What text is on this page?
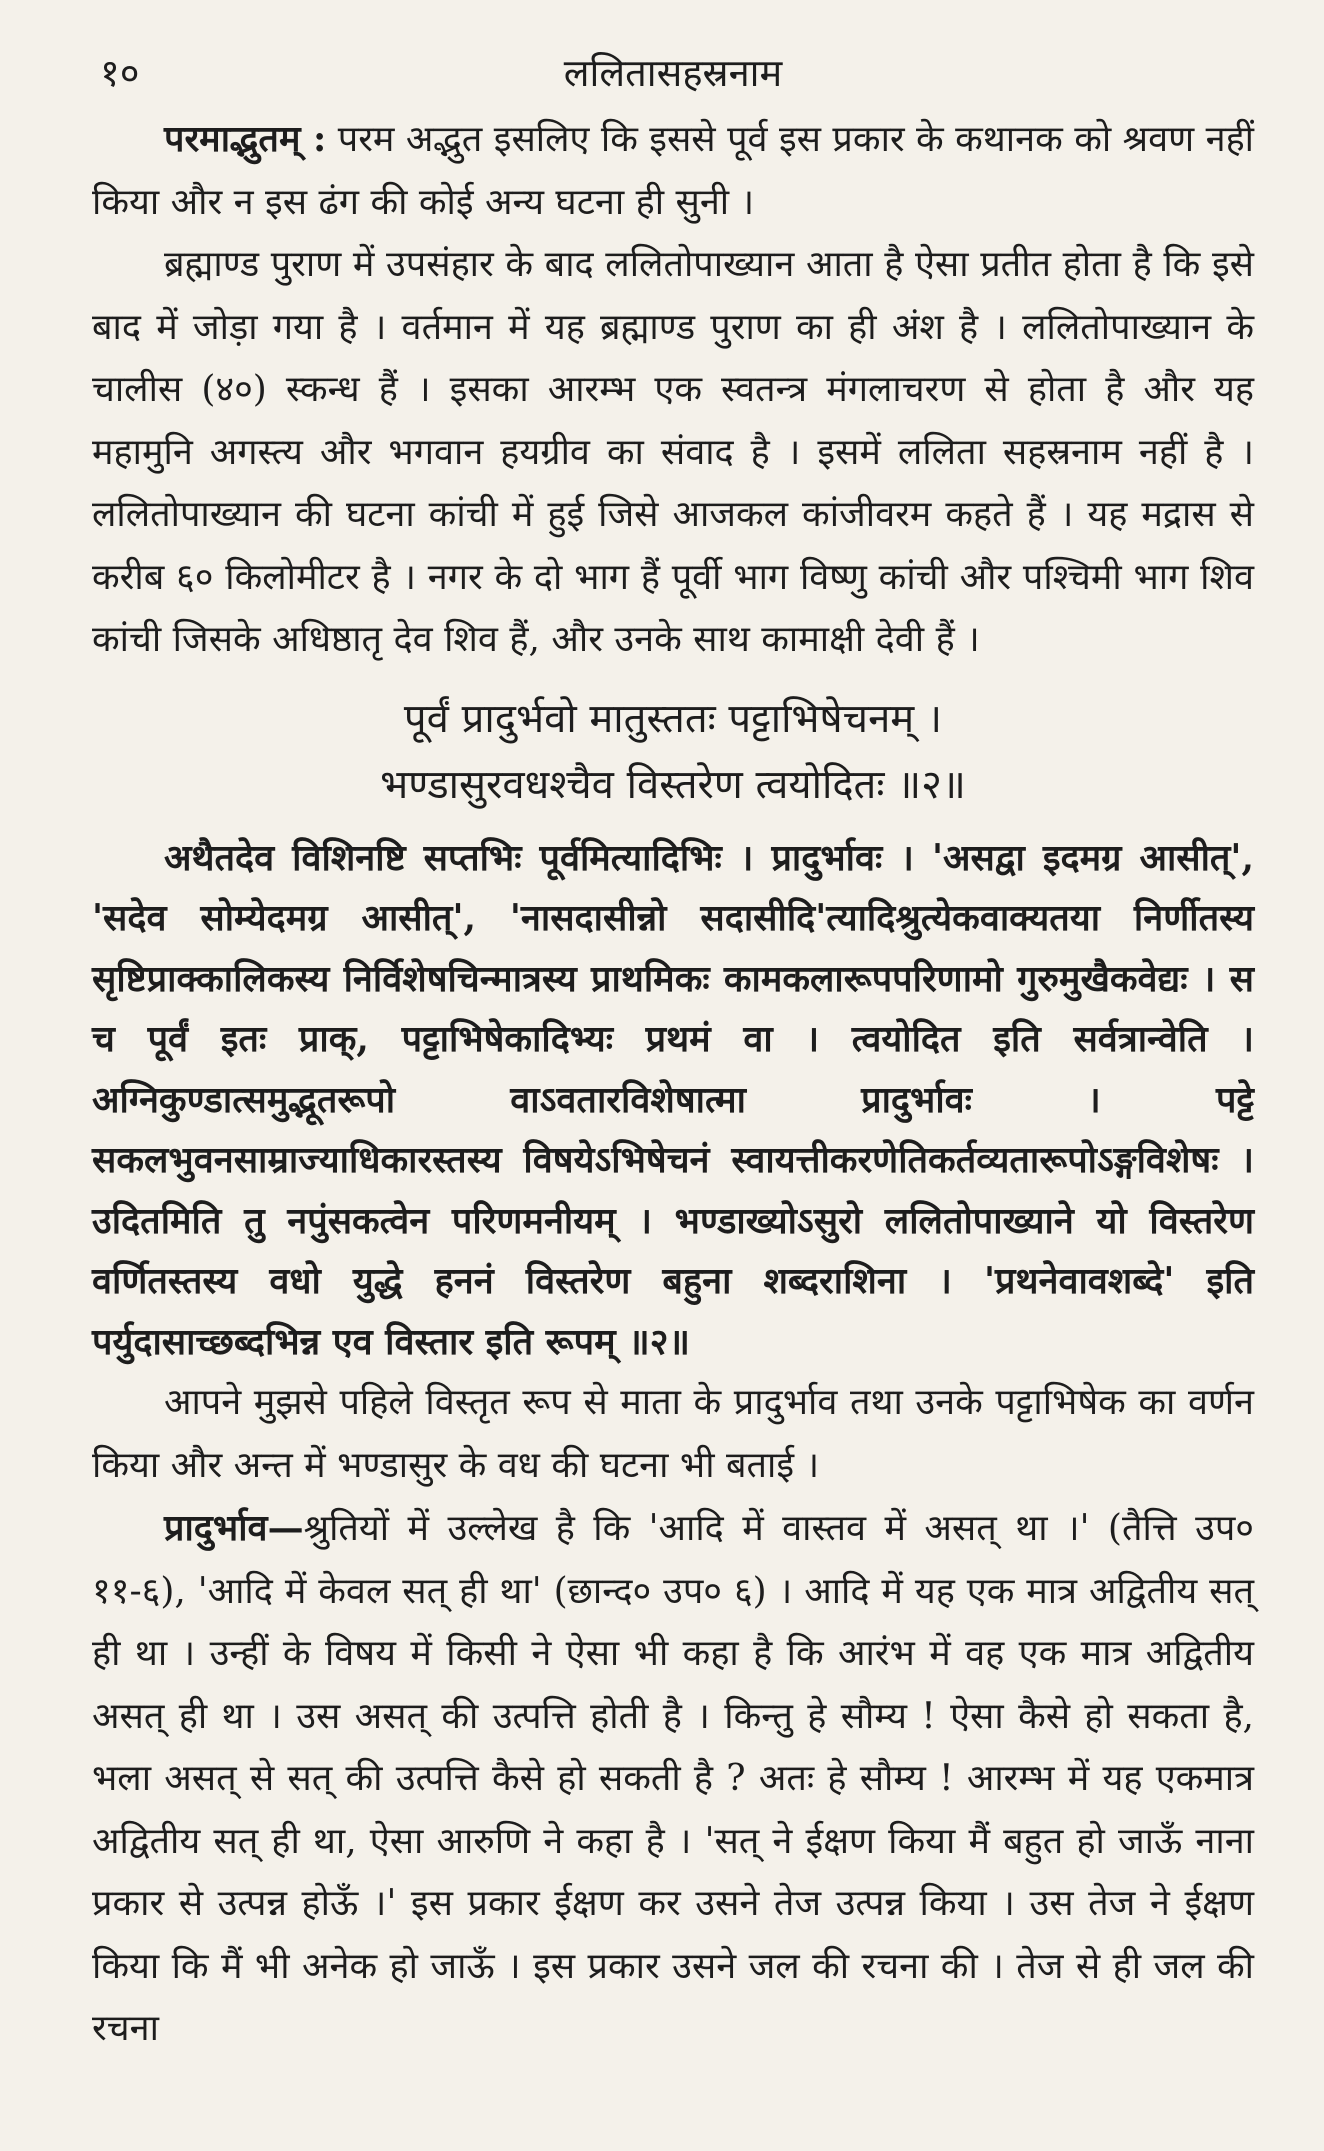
१०	ललितासहस्रनाम

परमाद्भुतम् : परम अद्भुत इसलिए कि इससे पूर्व इस प्रकार के कथानक को श्रवण नहीं किया और न इस ढंग की कोई अन्य घटना ही सुनी ।

ब्रह्माण्ड पुराण में उपसंहार के बाद ललितोपाख्यान आता है ऐसा प्रतीत होता है कि इसे बाद में जोड़ा गया है । वर्तमान में यह ब्रह्माण्ड पुराण का ही अंश है । ललितोपाख्यान के चालीस (४०) स्कन्ध हैं । इसका आरम्भ एक स्वतन्त्र मंगलाचरण से होता है और यह महामुनि अगस्त्य और भगवान हयग्रीव का संवाद है । इसमें ललिता सहस्रनाम नहीं है । ललितोपाख्यान की घटना कांची में हुई जिसे आजकल कांजीवरम कहते हैं । यह मद्रास से करीब ६० किलोमीटर है । नगर के दो भाग हैं पूर्वी भाग विष्णु कांची और पश्चिमी भाग शिव कांची जिसके अधिष्ठातृ देव शिव हैं, और उनके साथ कामाक्षी देवी हैं ।

पूर्वं प्रादुर्भवो मातुस्ततः पट्टाभिषेचनम् ।
भण्डासुरवधश्चैव विस्तरेण त्वयोदितः ॥२॥

अथैतदेव विशिनष्टि सप्तभिः पूर्वमित्यादिभिः । प्रादुर्भावः । 'असद्वा इदमग्र आसीत्', 'सदेव सोम्येदमग्र आसीत्', 'नासदासीन्नो सदासीदि'त्यादिश्रुत्येकवाक्यतया निर्णीतस्य सृष्टिप्राक्कालिकस्य निर्विशेषचिन्मात्रस्य प्राथमिकः कामकलारूपपरिणामो गुरुमुखैकवेद्यः । स च पूर्वं इतः प्राक्, पट्टाभिषेकादिभ्यः प्रथमं वा । त्वयोदित इति सर्वत्रान्वेति । अग्निकुण्डात्समुद्भूतरूपो वाऽवतारविशेषात्मा प्रादुर्भावः । पट्टे सकलभुवनसाम्राज्याधिकारस्तस्य विषयेऽभिषेचनं स्वायत्तीकरणेतिकर्तव्यतारूपोऽङ्गविशेषः । उदितमिति तु नपुंसकत्वेन परिणमनीयम् । भण्डाख्योऽसुरो ललितोपाख्याने यो विस्तरेण वर्णितस्तस्य वधो युद्धे हननं विस्तरेण बहुना शब्दराशिना । 'प्रथनेवावशब्दे' इति पर्युदासाच्छब्दभिन्न एव विस्तार इति रूपम् ॥२॥

आपने मुझसे पहिले विस्तृत रूप से माता के प्रादुर्भाव तथा उनके पट्टाभिषेक का वर्णन किया और अन्त में भण्डासुर के वध की घटना भी बताई ।

प्रादुर्भाव—श्रुतियों में उल्लेख है कि 'आदि में वास्तव में असत् था ।' (तैत्ति उप० ११-६), 'आदि में केवल सत् ही था' (छान्द० उप० ६) । आदि में यह एक मात्र अद्वितीय सत् ही था । उन्हीं के विषय में किसी ने ऐसा भी कहा है कि आरंभ में वह एक मात्र अद्वितीय असत् ही था । उस असत् की उत्पत्ति होती है । किन्तु हे सौम्य ! ऐसा कैसे हो सकता है, भला असत् से सत् की उत्पत्ति कैसे हो सकती है ? अतः हे सौम्य ! आरम्भ में यह एकमात्र अद्वितीय सत् ही था, ऐसा आरुणि ने कहा है । 'सत् ने ईक्षण किया मैं बहुत हो जाऊँ नाना प्रकार से उत्पन्न होऊँ ।' इस प्रकार ईक्षण कर उसने तेज उत्पन्न किया । उस तेज ने ईक्षण किया कि मैं भी अनेक हो जाऊँ । इस प्रकार उसने जल की रचना की । तेज से ही जल की रचना
